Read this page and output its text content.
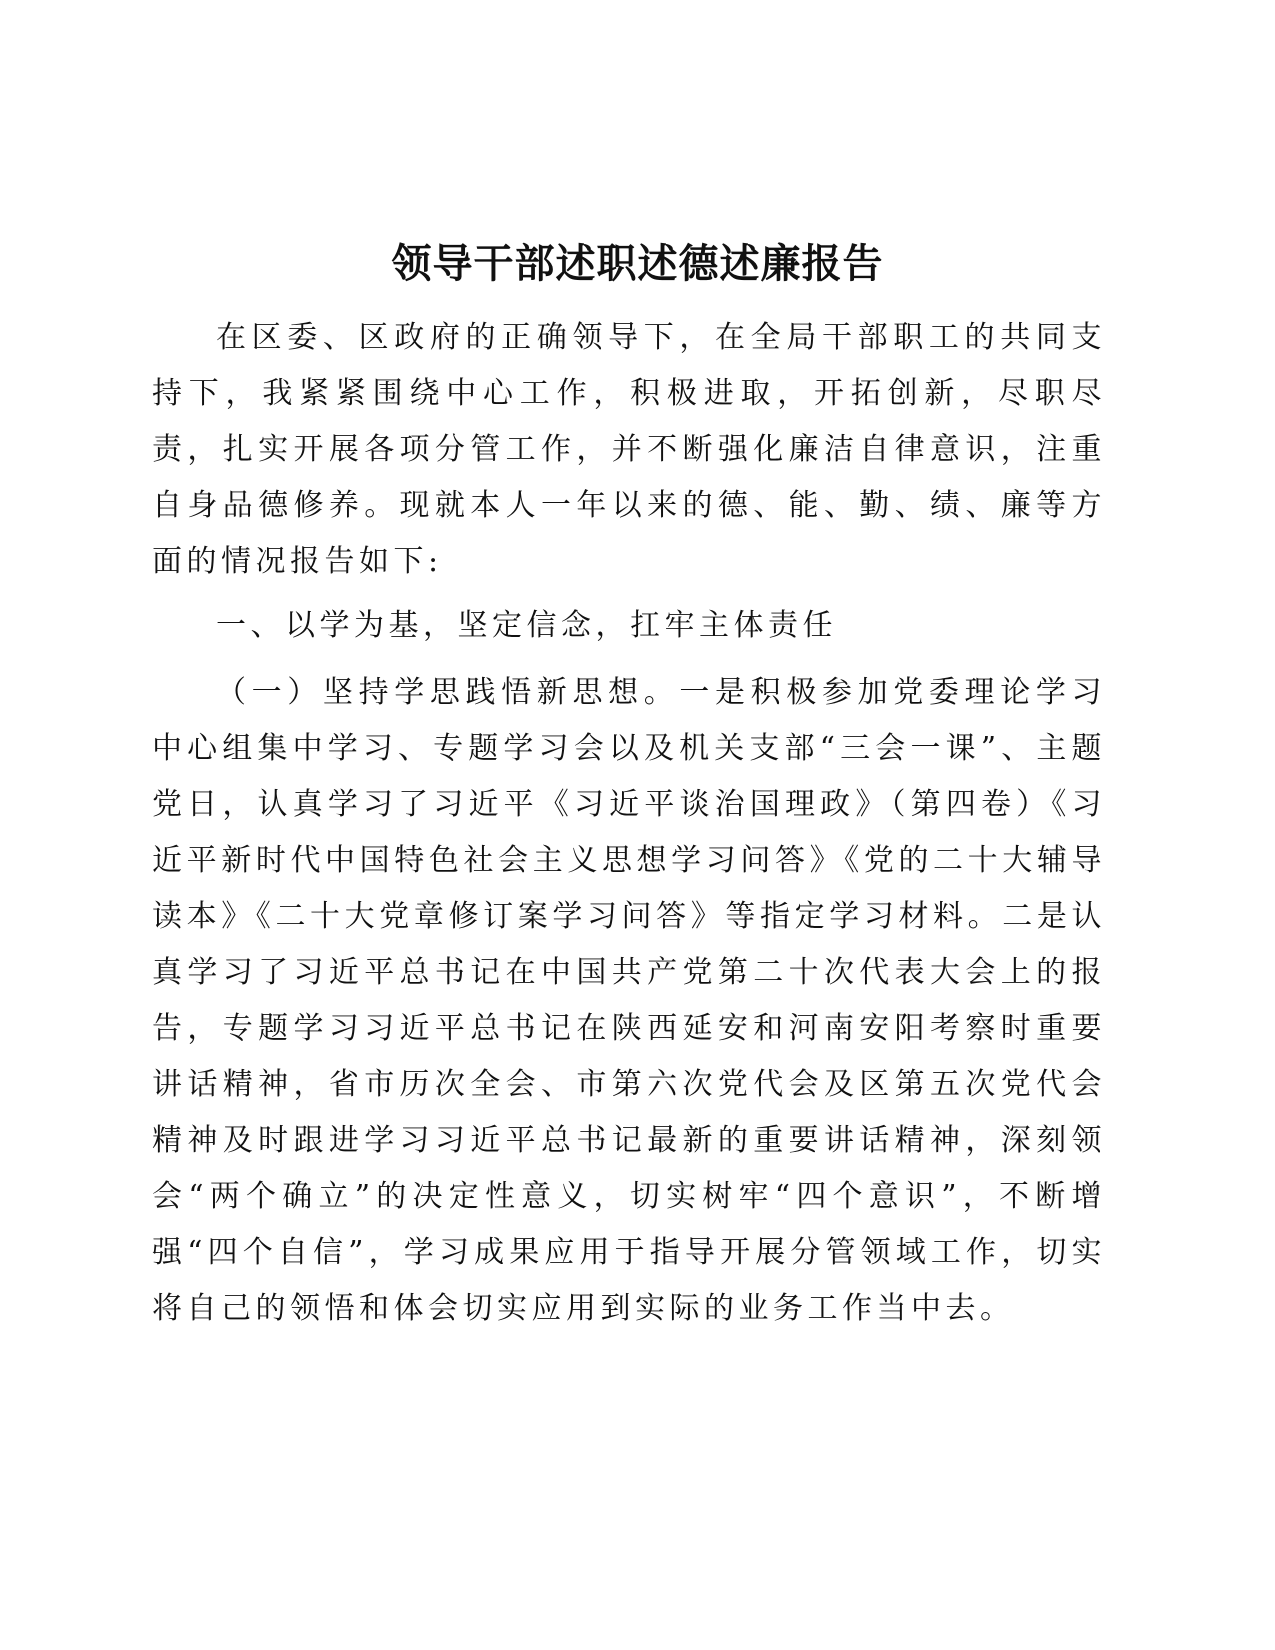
领导干部述职述德述廉报告

在区委、区政府的正确领导下，在全局干部职工的共同支持下，我紧紧围绕中心工作，积极进取，开拓创新，尽职尽责，扎实开展各项分管工作，并不断强化廉洁自律意识，注重自身品德修养。现就本人一年以来的德、能、勤、绩、廉等方面的情况报告如下:

一、以学为基，坚定信念，扛牢主体责任

（一）坚持学思践悟新思想。一是积极参加党委理论学习中心组集中学习、专题学习会以及机关支部“三会一课”、主题党日，认真学习了习近平《习近平谈治国理政》（第四卷）《习近平新时代中国特色社会主义思想学习问答》《党的二十大辅导读本》《二十大党章修订案学习问答》等指定学习材料。二是认真学习了习近平总书记在中国共产党第二十次代表大会上的报告，专题学习习近平总书记在陕西延安和河南安阳考察时重要讲话精神，省市历次全会、市第六次党代会及区第五次党代会精神及时跟进学习习近平总书记最新的重要讲话精神，深刻领会“两个确立”的决定性意义，切实树牢“四个意识”，不断增强“四个自信”，学习成果应用于指导开展分管领域工作，切实将自己的领悟和体会切实应用到实际的业务工作当中去。
